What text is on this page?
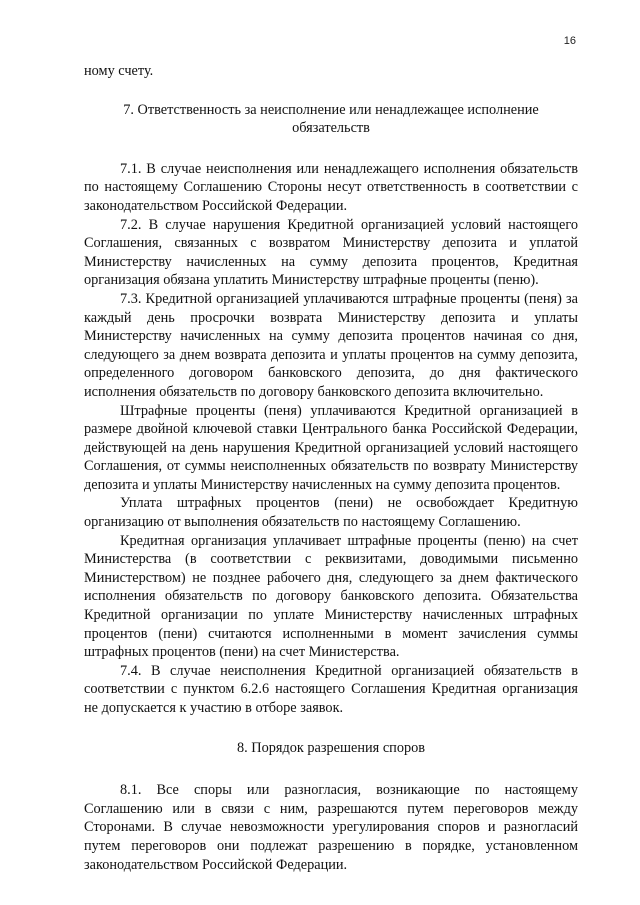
16

ному счету.

7. Ответственность за неисполнение или ненадлежащее исполнение обязательств

7.1. В случае неисполнения или ненадлежащего исполнения обязательств по настоящему Соглашению Стороны несут ответственность в соответствии с законодательством Российской Федерации.

7.2. В случае нарушения Кредитной организацией условий настоящего Соглашения, связанных с возвратом Министерству депозита и уплатой Министерству начисленных на сумму депозита процентов, Кредитная организация обязана уплатить Министерству штрафные проценты (пеню).

7.3. Кредитной организацией уплачиваются штрафные проценты (пеня) за каждый день просрочки возврата Министерству депозита и уплаты Министерству начисленных на сумму депозита процентов начиная со дня, следующего за днем возврата депозита и уплаты процентов на сумму депозита, определенного договором банковского депозита, до дня фактического исполнения обязательств по договору банковского депозита включительно.

Штрафные проценты (пеня) уплачиваются Кредитной организацией в размере двойной ключевой ставки Центрального банка Российской Федерации, действующей на день нарушения Кредитной организацией условий настоящего Соглашения, от суммы неисполненных обязательств по возврату Министерству депозита и уплаты Министерству начисленных на сумму депозита процентов.

Уплата штрафных процентов (пени) не освобождает Кредитную организацию от выполнения обязательств по настоящему Соглашению.

Кредитная организация уплачивает штрафные проценты (пеню) на счет Министерства (в соответствии с реквизитами, доводимыми письменно Министерством) не позднее рабочего дня, следующего за днем фактического исполнения обязательств по договору банковского депозита. Обязательства Кредитной организации по уплате Министерству начисленных штрафных процентов (пени) считаются исполненными в момент зачисления суммы штрафных процентов (пени) на счет Министерства.

7.4. В случае неисполнения Кредитной организацией обязательств в соответствии с пунктом 6.2.6 настоящего Соглашения Кредитная организация не допускается к участию в отборе заявок.

8. Порядок разрешения споров

8.1. Все споры или разногласия, возникающие по настоящему Соглашению или в связи с ним, разрешаются путем переговоров между Сторонами. В случае невозможности урегулирования споров и разногласий путем переговоров они подлежат разрешению в порядке, установленном законодательством Российской Федерации.
